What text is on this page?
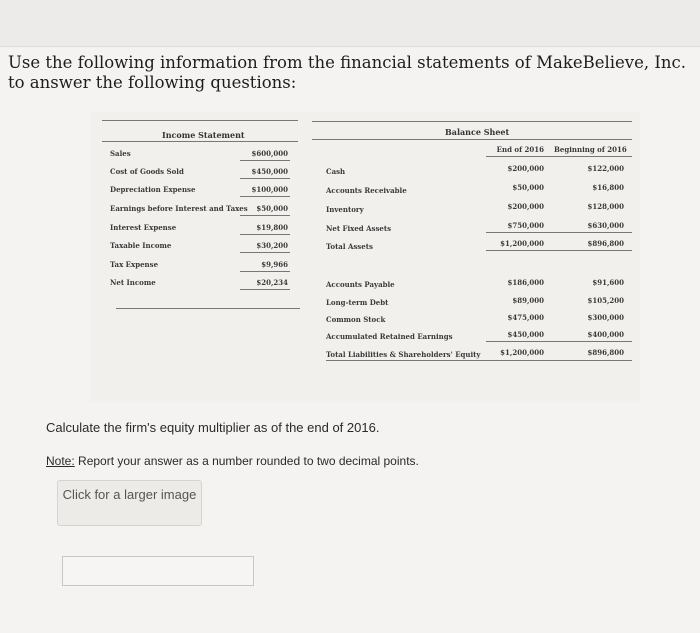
Use the following information from the financial statements of MakeBelieve, Inc. to answer the following questions:
Income Statement
Sales	$600,000
Cost of Goods Sold	$450,000
Depreciation Expense	$100,000
Earnings before Interest and Taxes	$50,000
Interest Expense	$19,800
Taxable Income	$30,200
Tax Expense	$9,966
Net Income	$20,234
Balance Sheet
End of 2016 Beginning of 2016
Cash	$200,000	$122,000
Accounts Receivable	$50,000	$16,800
Inventory	$200,000	$128,000
Net Fixed Assets	$750,000	$630,000
Total Assets	$1,200,000	$896,800
Accounts Payable	$186,000	$91,600
Long-term Debt	$89,000	$105,200
Common Stock	$475,000	$300,000
Accumulated Retained Earnings	$450,000	$400,000
Total Liabilities & Shareholders' Equity	$1,200,000	$896,800
Calculate the firm's equity multiplier as of the end of 2016.
Note: Report your answer as a number rounded to two decimal points.
Click for a larger image
